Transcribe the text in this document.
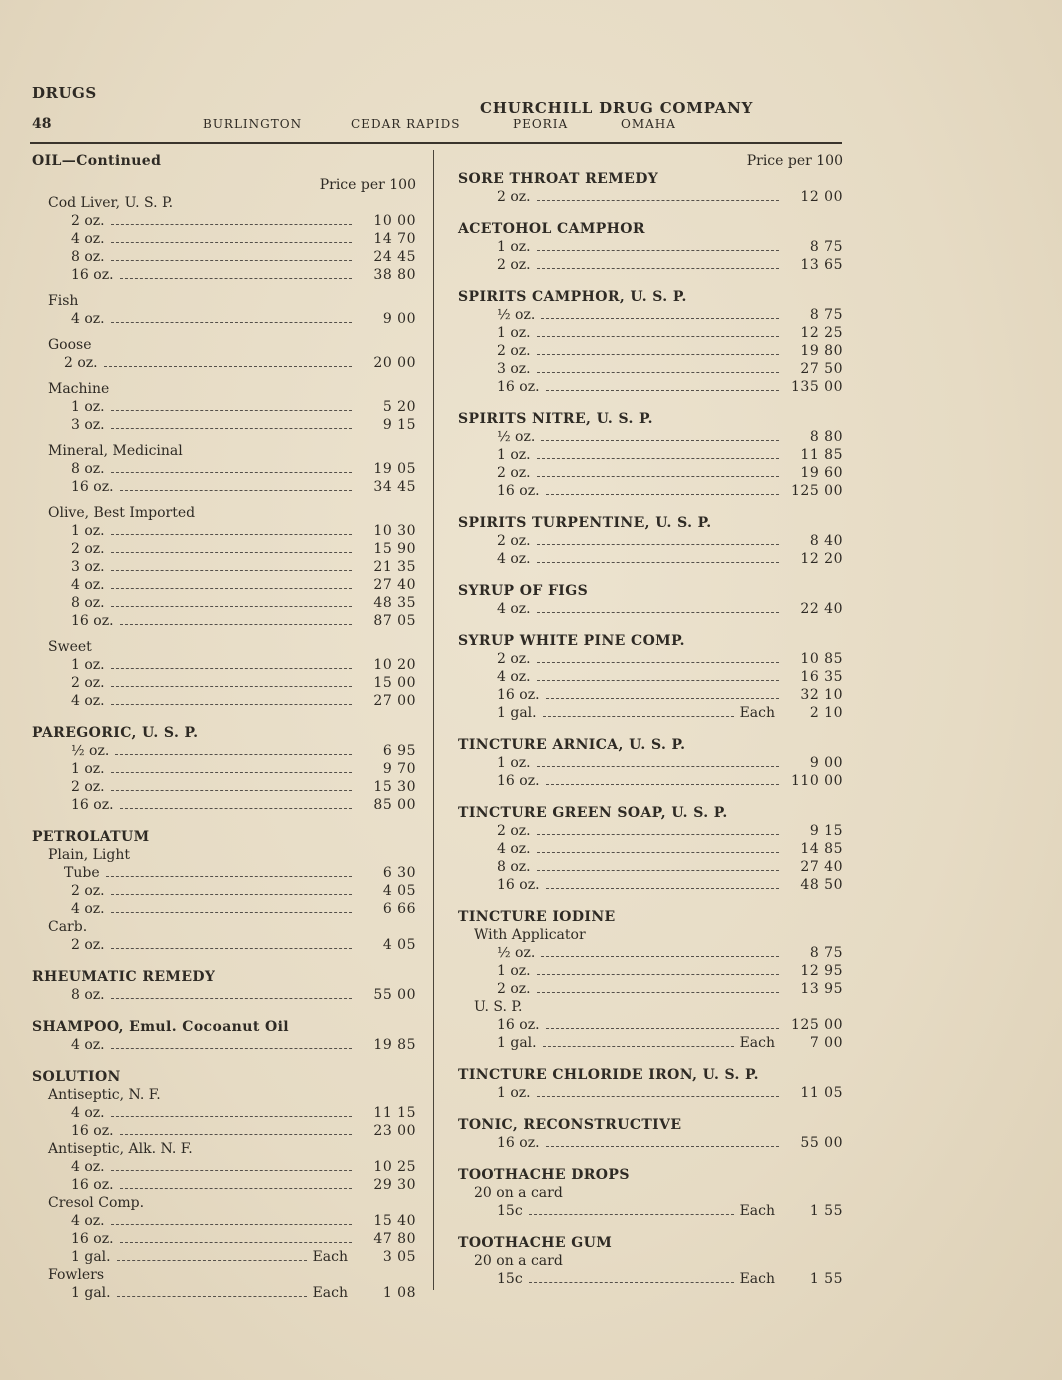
DRUGS
48
CHURCHILL DRUG COMPANY
BURLINGTON	CEDAR RAPIDS	PEORIA	OMAHA
OIL—Continued
Price per 100
Cod Liver, U. S. P.
2 oz.	10 00
4 oz.	14 70
8 oz.	24 45
16 oz.	38 80
Fish
4 oz.	9 00
Goose
2 oz.	20 00
Machine
1 oz.	5 20
3 oz.	9 15
Mineral, Medicinal
8 oz.	19 05
16 oz.	34 45
Olive, Best Imported
1 oz.	10 30
2 oz.	15 90
3 oz.	21 35
4 oz.	27 40
8 oz.	48 35
16 oz.	87 05
Sweet
1 oz.	10 20
2 oz.	15 00
4 oz.	27 00
PAREGORIC, U. S. P.
½ oz.	6 95
1 oz.	9 70
2 oz.	15 30
16 oz.	85 00
PETROLATUM
Plain, Light
Tube	6 30
2 oz.	4 05
4 oz.	6 66
Carb.
2 oz.	4 05
RHEUMATIC REMEDY
8 oz.	55 00
SHAMPOO, Emul. Cocoanut Oil
4 oz.	19 85
SOLUTION
Antiseptic, N. F.
4 oz.	11 15
16 oz.	23 00
Antiseptic, Alk. N. F.
4 oz.	10 25
16 oz.	29 30
Cresol Comp.
4 oz.	15 40
16 oz.	47 80
1 gal.	Each	3 05
Fowlers
1 gal.	Each	1 08
Price per 100
SORE THROAT REMEDY
2 oz.	12 00
ACETOHOL CAMPHOR
1 oz.	8 75
2 oz.	13 65
SPIRITS CAMPHOR, U. S. P.
½ oz.	8 75
1 oz.	12 25
2 oz.	19 80
3 oz.	27 50
16 oz.	135 00
SPIRITS NITRE, U. S. P.
½ oz.	8 80
1 oz.	11 85
2 oz.	19 60
16 oz.	125 00
SPIRITS TURPENTINE, U. S. P.
2 oz.	8 40
4 oz.	12 20
SYRUP OF FIGS
4 oz.	22 40
SYRUP WHITE PINE COMP.
2 oz.	10 85
4 oz.	16 35
16 oz.	32 10
1 gal.	Each	2 10
TINCTURE ARNICA, U. S. P.
1 oz.	9 00
16 oz.	110 00
TINCTURE GREEN SOAP, U. S. P.
2 oz.	9 15
4 oz.	14 85
8 oz.	27 40
16 oz.	48 50
TINCTURE IODINE
With Applicator
½ oz.	8 75
1 oz.	12 95
2 oz.	13 95
U. S. P.
16 oz.	125 00
1 gal.	Each	7 00
TINCTURE CHLORIDE IRON, U. S. P.
1 oz.	11 05
TONIC, RECONSTRUCTIVE
16 oz.	55 00
TOOTHACHE DROPS
20 on a card
15c	Each	1 55
TOOTHACHE GUM
20 on a card
15c	Each	1 55
